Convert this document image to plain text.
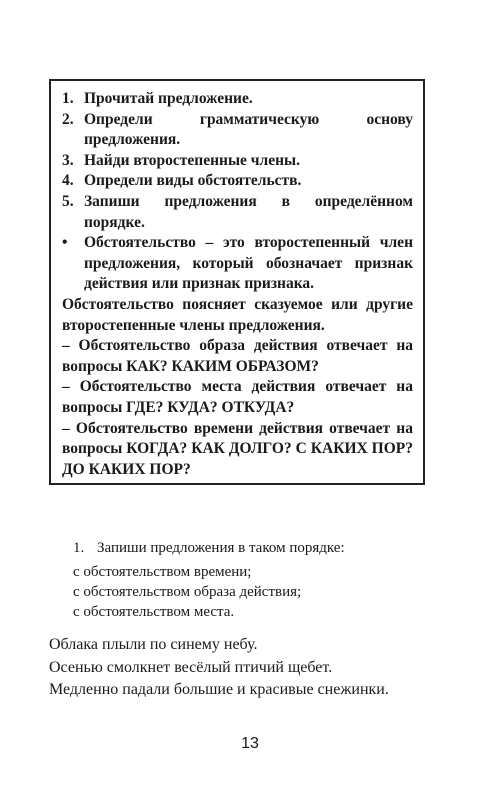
1. Прочитай предложение.
2. Определи грамматическую основу предложения.
3. Найди второстепенные члены.
4. Определи виды обстоятельств.
5. Запиши предложения в определённом порядке.
•	Обстоятельство – это второстепенный член предложения, который обозначает признак действия или признак признака.

Обстоятельство поясняет сказуемое или другие второстепенные члены предложения.

– Обстоятельство образа действия отвечает на вопросы КАК? КАКИМ ОБРАЗОМ?

– Обстоятельство места действия отвечает на вопросы ГДЕ? КУДА? ОТКУДА?

– Обстоятельство времени действия отвечает на вопросы КОГДА? КАК ДОЛГО? С КАКИХ ПОР? ДО КАКИХ ПОР?

1. Запиши предложения в таком порядке:
с обстоятельством времени;
с обстоятельством образа действия;
с обстоятельством места.
Облака плыли по синему небу.
Осенью смолкнет весёлый птичий щебет.
Медленно падали большие и красивые снежинки.
13
